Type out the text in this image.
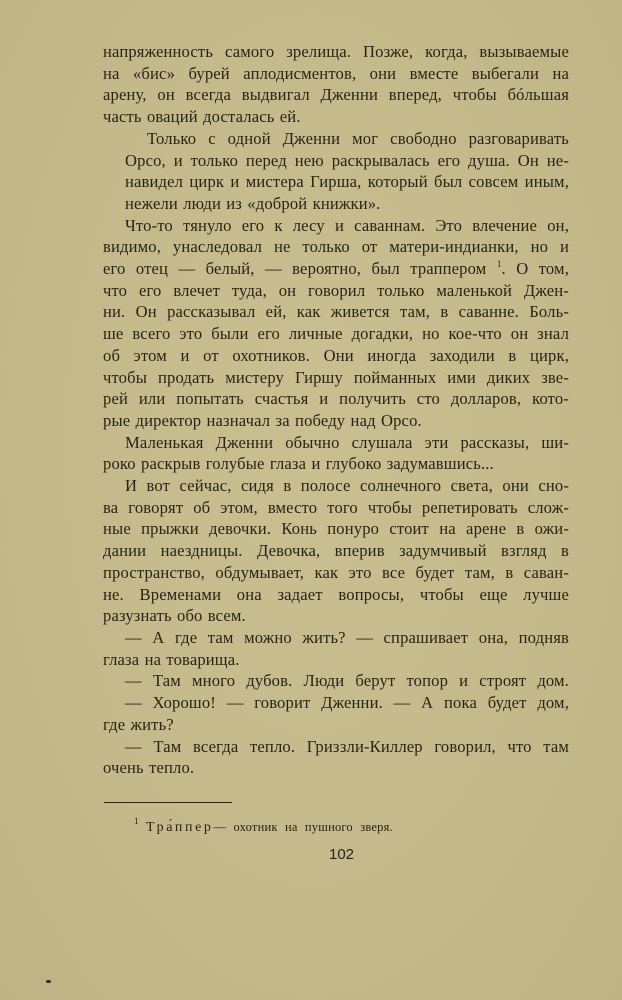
напряженность самого зрелища. Позже, когда, вызываемые
на «бис» бурей аплодисментов, они вместе выбегали на
арену, он всегда выдвигал Дженни вперед, чтобы бóльшая
часть оваций досталась ей.

Только с одной Дженни мог свободно разговаривать
Орсо, и только перед нею раскрывалась его душа. Он не-
навидел цирк и мистера Гирша, который был совсем иным,
нежели люди из «доброй книжки».

Что-то тянуло его к лесу и саваннам. Это влечение он,
видимо, унаследовал не только от матери-индианки, но и
его отец — белый, — вероятно, был траппером $^1$. О том,
что его влечет туда, он говорил только маленькой Джен-
ни. Он рассказывал ей, как живется там, в саванне. Боль-
ше всего это были его личные догадки, но кое-что он знал
об этом и от охотников. Они иногда заходили в цирк,
чтобы продать мистеру Гиршу пойманных ими диких зве-
рей или попытать счастья и получить сто долларов, кото-
рые директор назначал за победу над Орсо.

Маленькая Дженни обычно слушала эти рассказы, ши-
роко раскрыв голубые глаза и глубоко задумавшись...

И вот сейчас, сидя в полосе солнечного света, они сно-
ва говорят об этом, вместо того чтобы репетировать слож-
ные прыжки девочки. Конь понуро стоит на арене в ожи-
дании наездницы. Девочка, вперив задумчивый взгляд в
пространство, обдумывает, как это все будет там, в саван-
не. Временами она задает вопросы, чтобы еще лучше
разузнать обо всем.

— А где там можно жить? — спрашивает она, подняв
глаза на товарища.

— Там много дубов. Люди берут топор и строят дом.

— Хорошо! — говорит Дженни. — А пока будет дом,
где жить?

— Там всегда тепло. Гриззли-Киллер говорил, что там
очень тепло.

$^1$ Тра́ппер— охотник на пушного зверя.
102
